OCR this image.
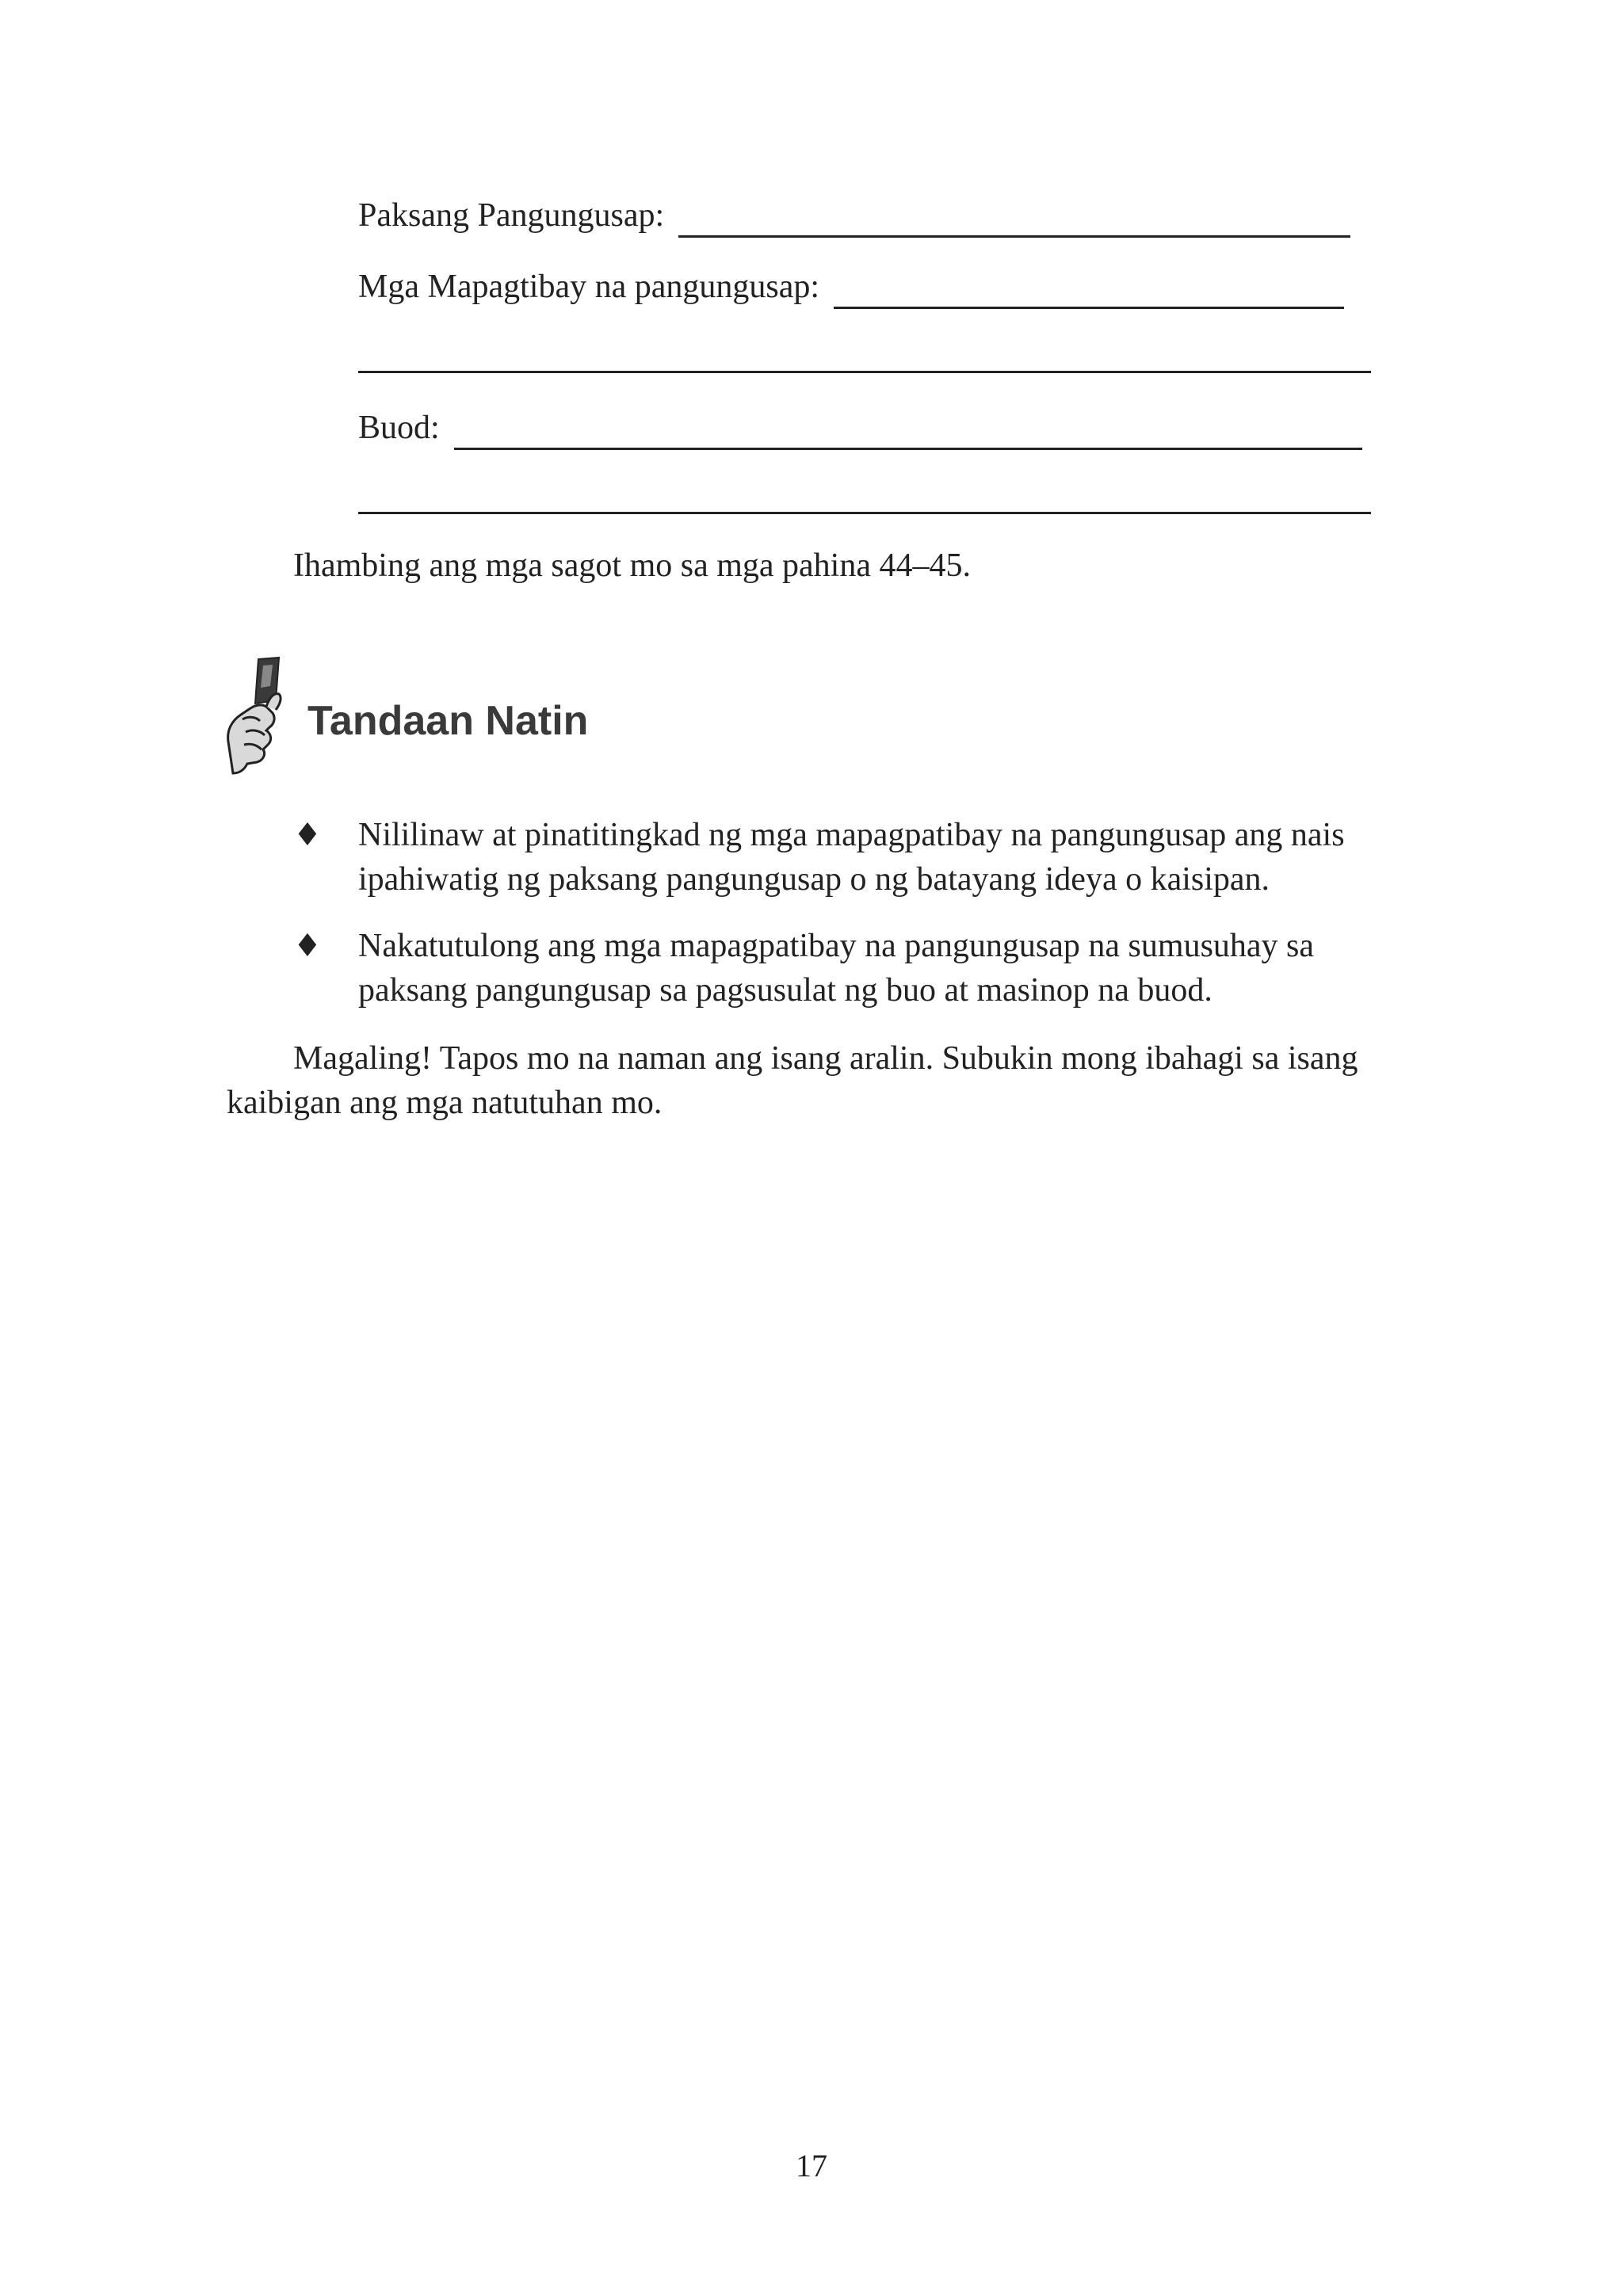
Paksang Pangungusap:
Mga Mapagtibay na pangungusap:
Buod:
Ihambing ang mga sagot mo sa mga pahina 44–45.
Tandaan Natin
♦	Nililinaw at pinatitingkad ng mga mapagpatibay na pangungusap ang nais ipahiwatig ng paksang pangungusap o ng batayang ideya o kaisipan.
♦	Nakatutulong ang mga mapagpatibay na pangungusap na sumusuhay sa paksang pangungusap sa pagsusulat ng buo at masinop na buod.
Magaling! Tapos mo na naman ang isang aralin. Subukin mong ibahagi sa isang kaibigan ang mga natutuhan mo.
17
